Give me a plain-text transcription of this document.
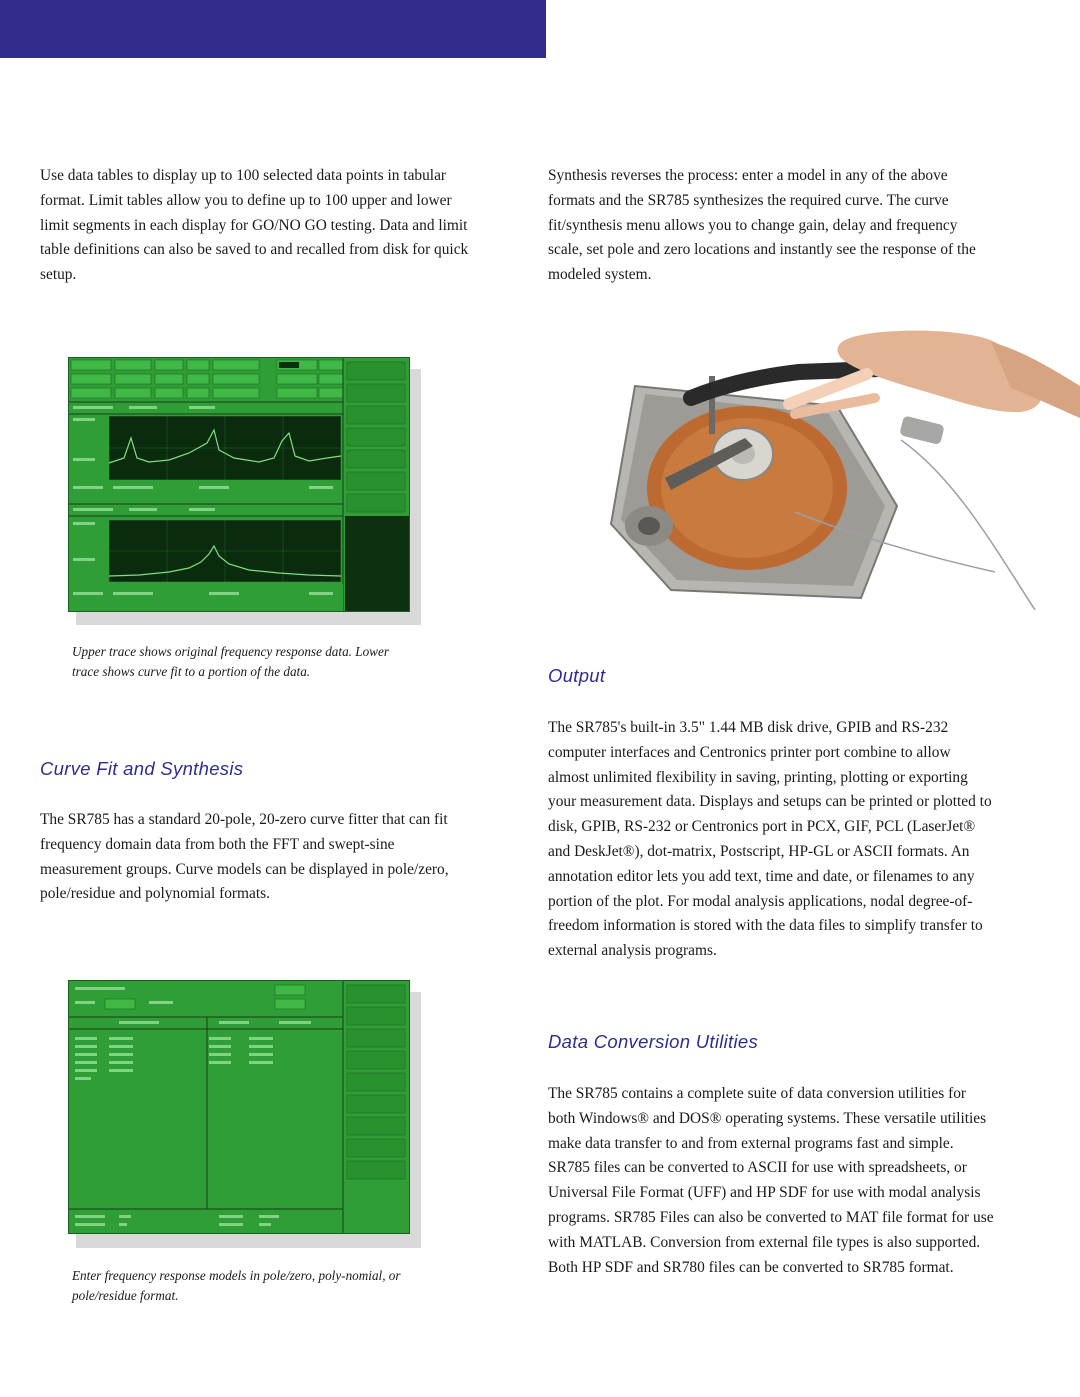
Use data tables to display up to 100 selected data points in tabular format. Limit tables allow you to define up to 100 upper and lower limit segments in each display for GO/NO GO testing. Data and limit table definitions can also be saved to and recalled from disk for quick setup.

Upper trace shows original frequency response data. Lower trace shows curve fit to a portion of the data.

Curve Fit and Synthesis

The SR785 has a standard 20-pole, 20-zero curve fitter that can fit frequency domain data from both the FFT and swept-sine measurement groups. Curve models can be displayed in pole/zero, pole/residue and polynomial formats.

Enter frequency response models in pole/zero, poly-nomial, or pole/residue format.

Synthesis reverses the process: enter a model in any of the above formats and the SR785 synthesizes the required curve. The curve fit/synthesis menu allows you to change gain, delay and frequency scale, set pole and zero locations and instantly see the response of the modeled system.

Output

The SR785's built-in 3.5" 1.44 MB disk drive, GPIB and RS-232 computer interfaces and Centronics printer port combine to allow almost unlimited flexibility in saving, printing, plotting or exporting your measurement data. Displays and setups can be printed or plotted to disk, GPIB, RS-232 or Centronics port in PCX, GIF, PCL (LaserJet® and DeskJet®), dot-matrix, Postscript, HP-GL or ASCII formats. An annotation editor lets you add text, time and date, or filenames to any portion of the plot. For modal analysis applications, nodal degree-of-freedom information is stored with the data files to simplify transfer to external analysis programs.

Data Conversion Utilities

The SR785 contains a complete suite of data conversion utilities for both Windows® and DOS® operating systems. These versatile utilities make data transfer to and from external programs fast and simple. SR785 files can be converted to ASCII for use with spreadsheets, or Universal File Format (UFF) and HP SDF for use with modal analysis programs. SR785 Files can also be converted to MAT file format for use with MATLAB. Conversion from external file types is also supported. Both HP SDF and SR780 files can be converted to SR785 format.
